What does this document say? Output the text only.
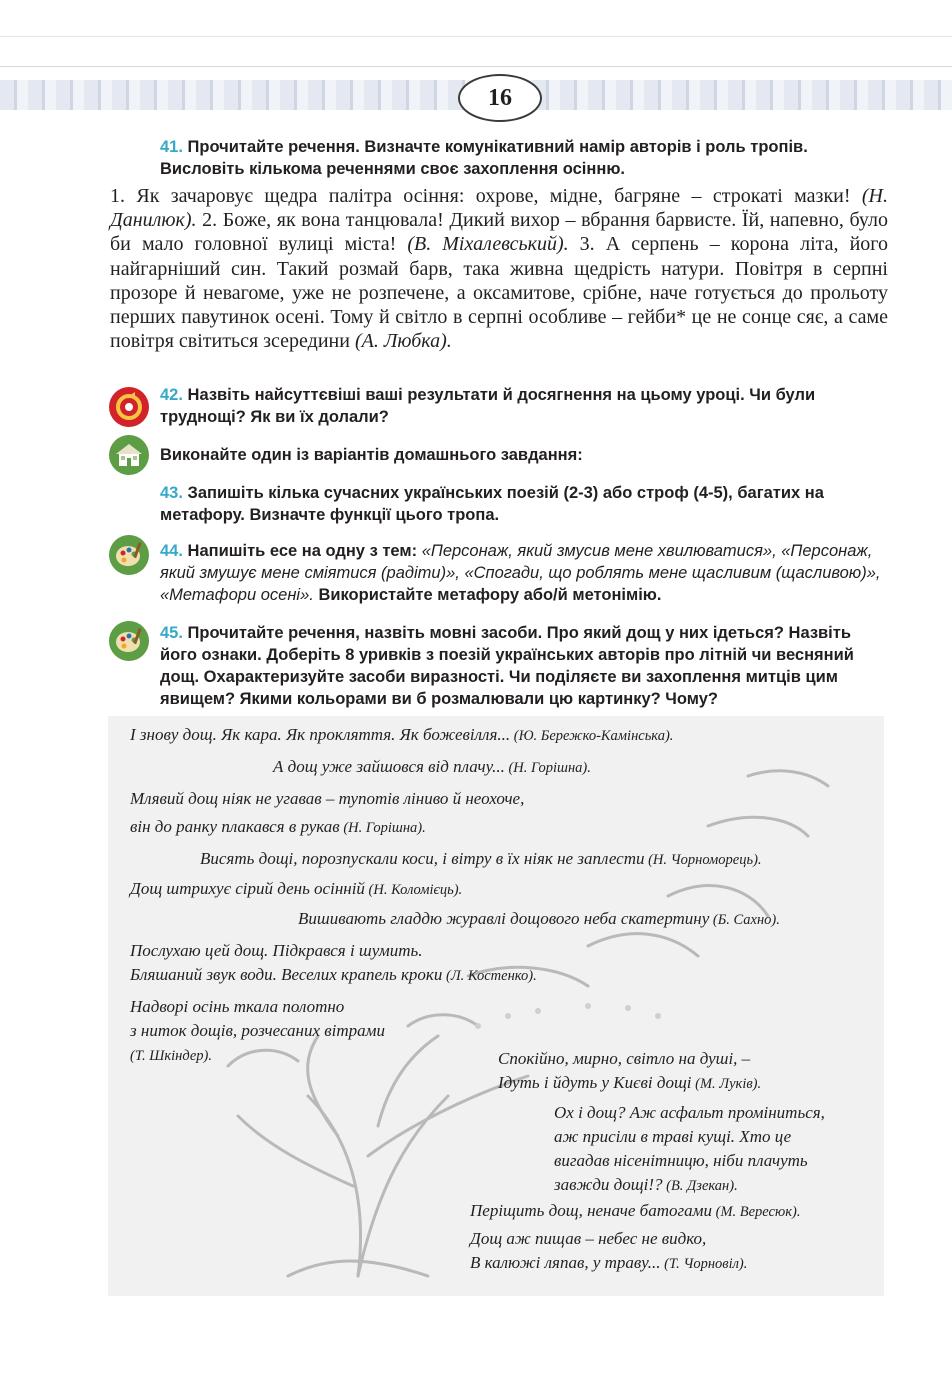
16
41. Прочитайте речення. Визначте комунікативний намір авторів і роль тропів. Висловіть кількома реченнями своє захоплення осінню.
1. Як зачаровує щедра палітра осіння: охрове, мідне, багряне – строкаті мазки! (Н. Данилюк). 2. Боже, як вона танцювала! Дикий вихор – вбрання барвисте. Їй, напевно, було би мало головної вулиці міста! (В. Міхалевський). 3. А серпень – корона літа, його найгарніший син. Такий розмай барв, така живна щедрість натури. Повітря в серпні прозоре й невагоме, уже не розпечене, а оксамитове, срібне, наче готується до прольоту перших павутинок осені. Тому й світло в серпні особливе – гейби* це не сонце сяє, а саме повітря світиться зсередини (А. Любка).
42. Назвіть найсуттєвіші ваші результати й досягнення на цьому уроці. Чи були труднощі? Як ви їх долали?
Виконайте один із варіантів домашнього завдання:
43. Запишіть кілька сучасних українських поезій (2-3) або строф (4-5), багатих на метафору. Визначте функції цього тропа.
44. Напишіть есе на одну з тем: «Персонаж, який змусив мене хвилюватися», «Персонаж, який змушує мене сміятися (радіти)», «Спогади, що роблять мене щасливим (щасливою)», «Метафори осені». Використайте метафору або/й метонімію.
45. Прочитайте речення, назвіть мовні засоби. Про який дощ у них ідеться? Назвіть його ознаки. Доберіть 8 уривків з поезій українських авторів про літній чи весняний дощ. Охарактеризуйте засоби виразності. Чи поділяєте ви захоплення митців цим явищем? Якими кольорами ви б розмалювали цю картинку? Чому?
І знову дощ. Як кара. Як прокляття. Як божевілля... (Ю. Бережко-Камінська).
А дощ уже зайшовся від плачу... (Н. Горішна).
Млявий дощ ніяк не угавав – тупотів ліниво й неохоче,
він до ранку плакався в рукав (Н. Горішна).
Висять дощі, порозпускали коси, і вітру в їх ніяк не заплести (Н. Чорноморець).
Дощ штрихує сірий день осінній (Н. Коломієць).
Вишивають гладдю журавлі дощового неба скатертину (Б. Сахно).
Послухаю цей дощ. Підкрався і шумить.
Бляшаний звук води. Веселих крапель кроки (Л. Костенко).
Надворі осінь ткала полотно
з ниток дощів, розчесаних вітрами
(Т. Шкіндер).	Спокійно, мирно, світло на душі, –
Ідуть і йдуть у Києві дощі (М. Луків).
Ох і дощ? Аж асфальт проміниться,
аж присіли в траві кущі. Хто це
вигадав нісенітницю, ніби плачуть
завжди дощі!? (В. Дзекан).
Періщить дощ, неначе батогами (М. Вересюк).
Дощ аж пищав – небес не видко,
В калюжі ляпав, у траву... (Т. Чорновіл).
